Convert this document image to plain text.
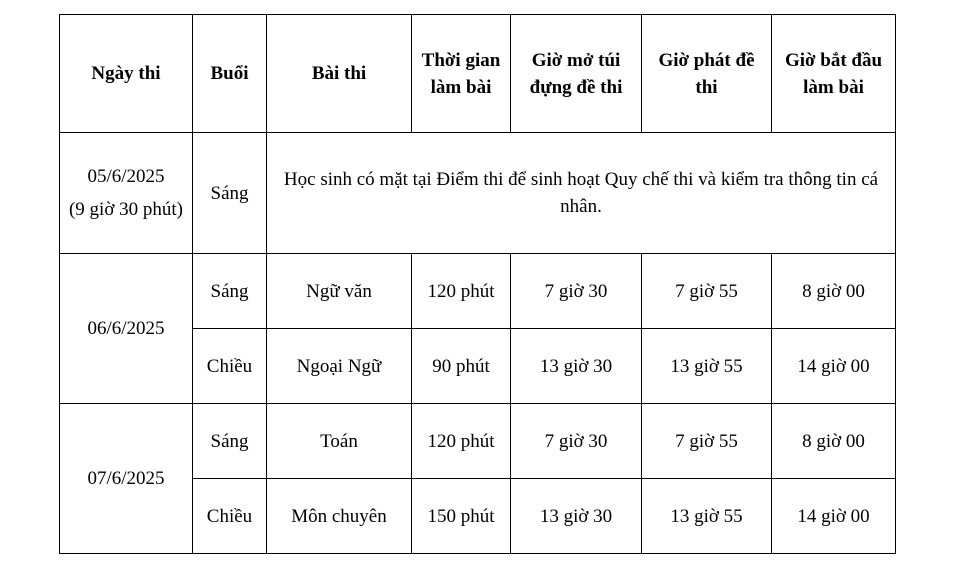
Ngày thi	Buổi	Bài thi	Thời gian làm bài	Giờ mở túi đựng đề thi	Giờ phát đề thi	Giờ bắt đầu làm bài

05/6/2025
(9 giờ 30 phút)	Sáng	Học sinh có mặt tại Điểm thi để sinh hoạt Quy chế thi và kiểm tra thông tin cá nhân.				
06/6/2025	Sáng	Ngữ văn	120 phút	7 giờ 30	7 giờ 55	8 giờ 00
	Chiều	Ngoại Ngữ	90 phút	13 giờ 30	13 giờ 55	14 giờ 00
07/6/2025	Sáng	Toán	120 phút	7 giờ 30	7 giờ 55	8 giờ 00
	Chiều	Môn chuyên	150 phút	13 giờ 30	13 giờ 55	14 giờ 00
